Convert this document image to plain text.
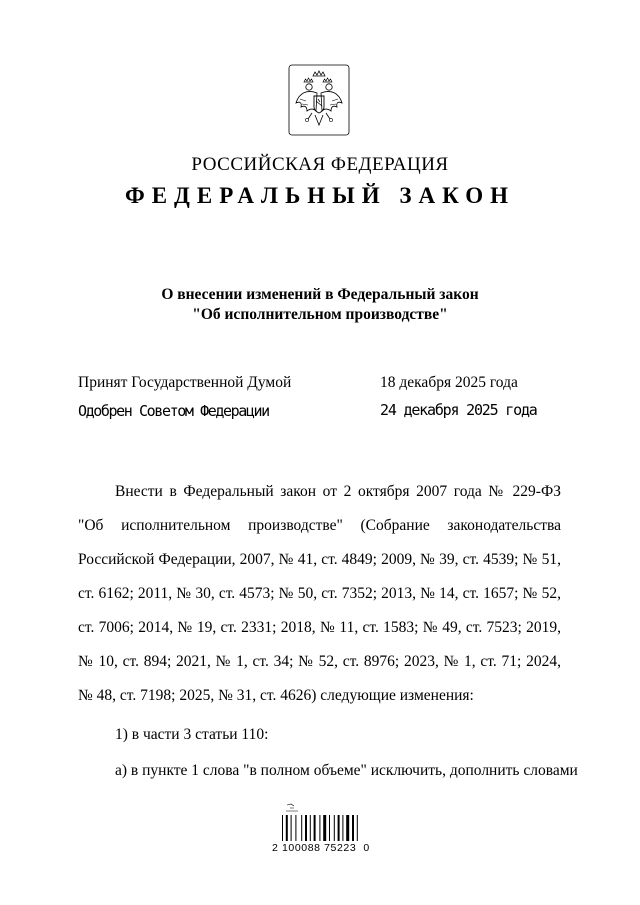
РОССИЙСКАЯ ФЕДЕРАЦИЯ
ФЕДЕРАЛЬНЫЙ ЗАКОН
О внесении изменений в Федеральный закон
"Об исполнительном производстве"
Принят Государственной Думой	18 декабря 2025 года
Одобрен Советом Федерации	24 декабря 2025 года
Внести в Федеральный закон от 2 октября 2007 года № 229-ФЗ
"Об исполнительном производстве" (Собрание законодательства
Российской Федерации, 2007, № 41, ст. 4849; 2009, № 39, ст. 4539; № 51,
ст. 6162; 2011, № 30, ст. 4573; № 50, ст. 7352; 2013, № 14, ст. 1657; № 52,
ст. 7006; 2014, № 19, ст. 2331; 2018, № 11, ст. 1583; № 49, ст. 7523; 2019,
№ 10, ст. 894; 2021, № 1, ст. 34; № 52, ст. 8976; 2023, № 1, ст. 71; 2024,
№ 48, ст. 7198; 2025, № 31, ст. 4626) следующие изменения:
1) в части 3 статьи 110:
а) в пункте 1 слова "в полном объеме" исключить, дополнить словами
2 100088 75223  0
